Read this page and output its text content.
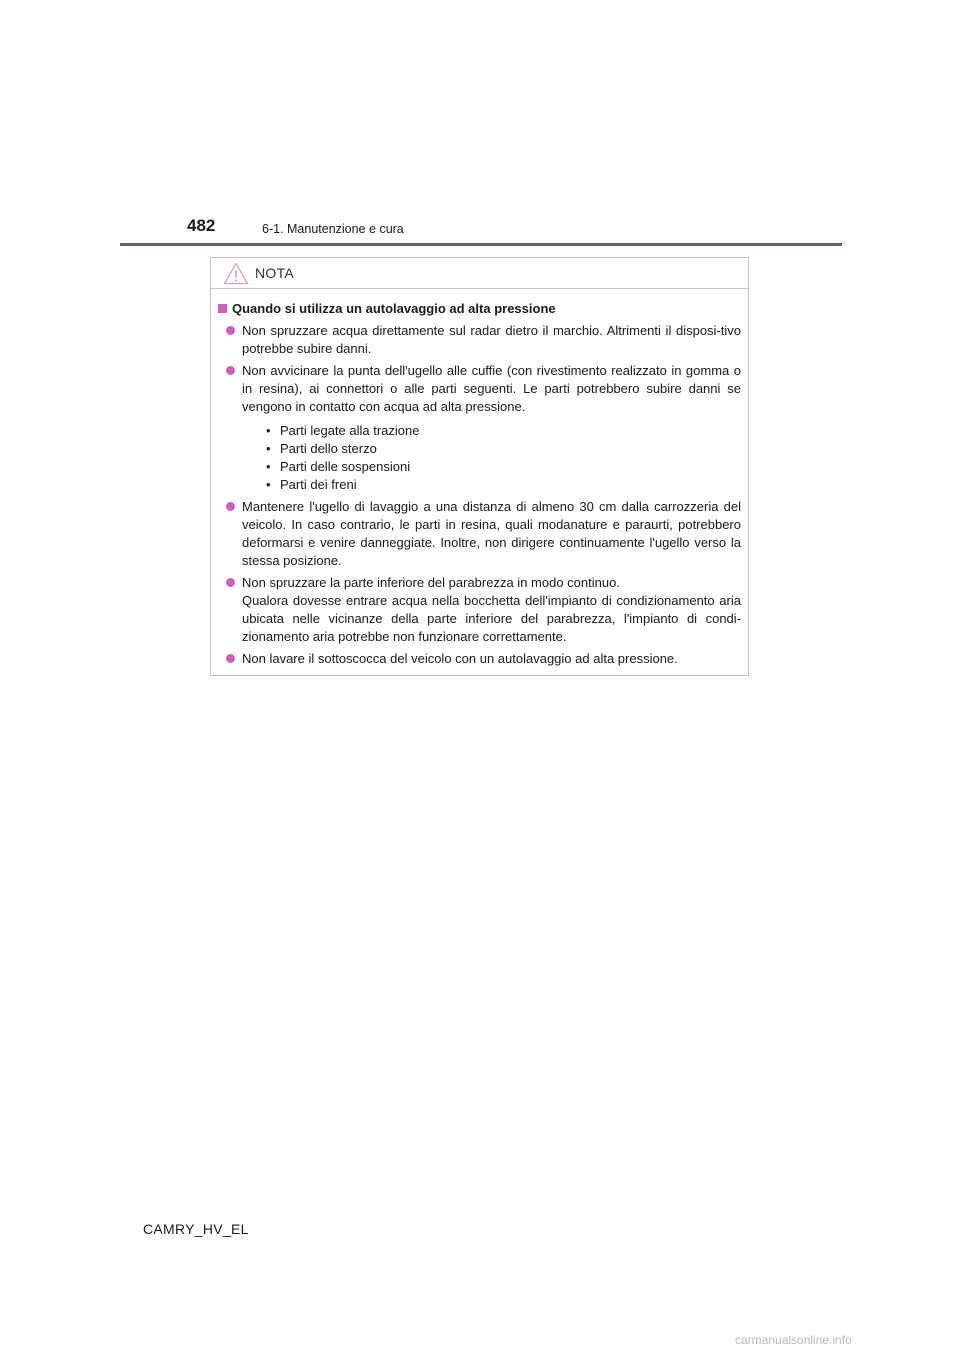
482	6-1. Manutenzione e cura
NOTA
Quando si utilizza un autolavaggio ad alta pressione
Non spruzzare acqua direttamente sul radar dietro il marchio. Altrimenti il disposi-tivo potrebbe subire danni.
Non avvicinare la punta dell'ugello alle cuffie (con rivestimento realizzato in gomma o in resina), ai connettori o alle parti seguenti. Le parti potrebbero subire danni se vengono in contatto con acqua ad alta pressione.
• Parti legate alla trazione
• Parti dello sterzo
• Parti delle sospensioni
• Parti dei freni
Mantenere l'ugello di lavaggio a una distanza di almeno 30 cm dalla carrozzeria del veicolo. In caso contrario, le parti in resina, quali modanature e paraurti, potrebbero deformarsi e venire danneggiate. Inoltre, non dirigere continuamente l'ugello verso la stessa posizione.
Non spruzzare la parte inferiore del parabrezza in modo continuo.
Qualora dovesse entrare acqua nella bocchetta dell'impianto di condizionamento aria ubicata nelle vicinanze della parte inferiore del parabrezza, l'impianto di condi-zionamento aria potrebbe non funzionare correttamente.
Non lavare il sottoscocca del veicolo con un autolavaggio ad alta pressione.
CAMRY_HV_EL
carmanualsonline.info
